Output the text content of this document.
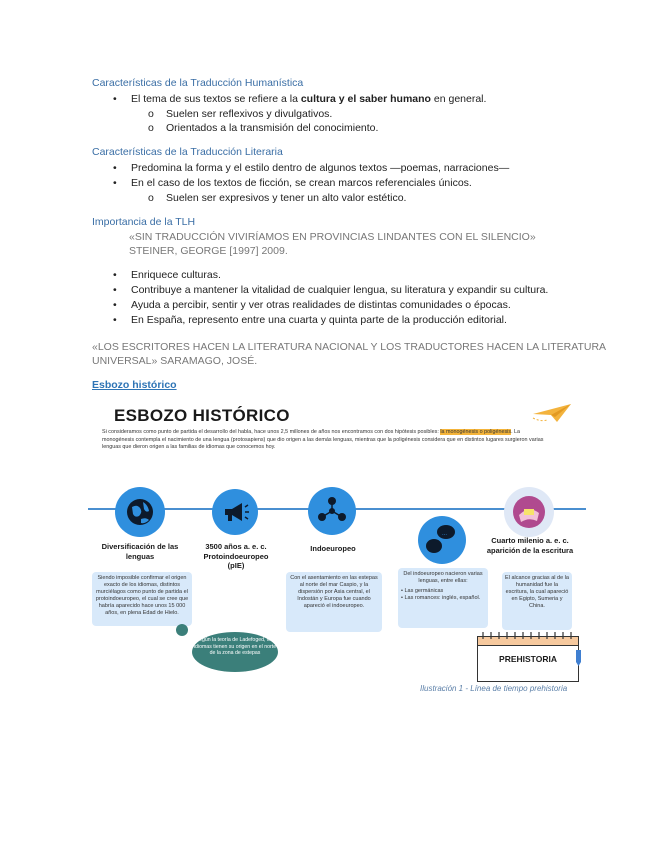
Características de la Traducción Humanística
• El tema de sus textos se refiere a la cultura y el saber humano en general.
o Suelen ser reflexivos y divulgativos.
o Orientados a la transmisión del conocimiento.
Características de la Traducción Literaria
• Predomina la forma y el estilo dentro de algunos textos —poemas, narraciones—
• En el caso de los textos de ficción, se crean marcos referenciales únicos.
o Suelen ser expresivos y tener un alto valor estético.
Importancia de la TLH
«SIN TRADUCCIÓN VIVIRÍAMOS EN PROVINCIAS LINDANTES CON EL SILENCIO»
STEINER, GEORGE [1997] 2009.
• Enriquece culturas.
• Contribuye a mantener la vitalidad de cualquier lengua, su literatura y expandir su cultura.
• Ayuda a percibir, sentir y ver otras realidades de distintas comunidades o épocas.
• En España, represento entre una cuarta y quinta parte de la producción editorial.
«LOS ESCRITORES HACEN LA LITERATURA NACIONAL Y LOS TRADUCTORES HACEN LA LITERATURA
UNIVERSAL» SARAMAGO, JOSÉ.
Esbozo histórico
ESBOZO HISTÓRICO
Si consideramos como punto de partida el desarrollo del habla, hace unos 2,5 millones de años nos encontramos con dos hipótesis posibles: la monogénesis o poligénesis. La monogénesis contempla el nacimiento de una lengua (protosapiens) que dio origen a las demás lenguas, mientras que la poligénesis considera que en distintos lugares surgieron varias lenguas que dieron origen a las familias de idiomas que conocemos hoy.
Diversificación de las lenguas
Siendo imposible confirmar el origen exacto de los idiomas, distintos murciélagos como punto de partida el protoindoeuropeo, el cual se cree que habría aparecido hace unos 15 000 años, en plena Edad de Hielo.
según la teoría de Ladefoged, los idiomas tienen su origen en el norte de la zona de estepas
3500 años a. e. c. Protoindoeuropeo (pIE)
Indoeuropeo
Con el asentamiento en las estepas al norte del mar Caspio, y la dispersión por Asia central, el Indostán y Europa fue cuando apareció el indoeuropeo.
...
Del indoeuropeo nacieron varias lenguas, entre ellas:
• Las germánicas
• Las romances: inglés, español.
Cuarto milenio a. e. c. aparición de la escritura
El alcance gracias al de la humanidad fue la escritura, la cual apareció en Egipto, Sumeria y China.
PREHISTORIA
Ilustración 1 - Línea de tiempo prehistoria
